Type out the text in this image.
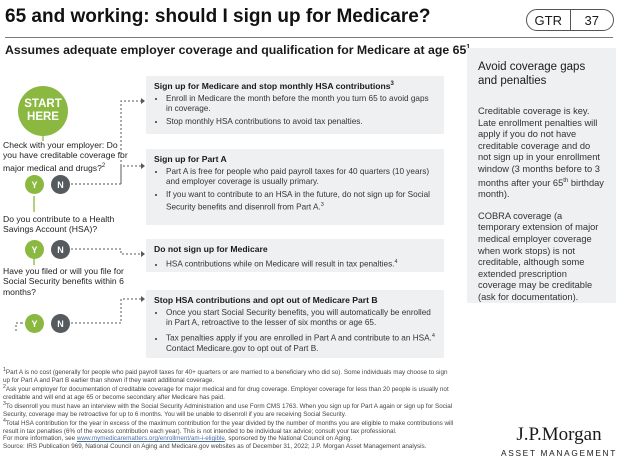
65 and working: should I sign up for Medicare?	GTR	37
Assumes adequate employer coverage and qualification for Medicare at age 65
START HERE
Check with your employer: Do you have creditable coverage for major medical and drugs?$^2$
Y	N
Do you contribute to a Health Savings Account (HSA)?
Y	N
Have you filed or will you file for Social Security benefits within 6 months?
Y	N
Sign up for Medicare and stop monthly HSA contributions$^3$
• Enroll in Medicare the month before the month you turn 65 to avoid gaps in coverage.
• Stop monthly HSA contributions to avoid tax penalties.
Sign up for Part A
• Part A is free for people who paid payroll taxes for 40 quarters (10 years) and employer coverage is usually primary.
• If you want to contribute to an HSA in the future, do not sign up for Social Security benefits and disenroll from Part A.$^3$
Do not sign up for Medicare
• HSA contributions while on Medicare will result in tax penalties.$^4$
Stop HSA contributions and opt out of Medicare Part B
• Once you start Social Security benefits, you will automatically be enrolled in Part A, retroactive to the lesser of six months or age 65.
• Tax penalties apply if you are enrolled in Part A and contribute to an HSA.$^4$ Contact Medicare.gov to opt out of Part B.
Avoid coverage gaps and penalties

Creditable coverage is key. Late enrollment penalties will apply if you do not have creditable coverage and do not sign up in your enrollment window (3 months before to 3 months after your 65th birthday month).

COBRA coverage (a temporary extension of major medical employer coverage when work stops) is not creditable, although some extended prescription coverage may be creditable (ask for documentation).

$^1$Part A is no cost (generally for people who paid payroll taxes for 40+ quarters or are married to a beneficiary who did so). Some individuals may choose to sign up for Part A and Part B earlier than shown if they want additional coverage.

$^2$Ask your employer for documentation of creditable coverage for major medical and for drug coverage. Employer coverage for less than 20 people is usually not creditable and will end at age 65 or become secondary after Medicare has paid.

$^3$To disenroll you must have an interview with the Social Security Administration and use Form CMS 1763. When you sign up for Part A again or sign up for Social Security, coverage may be retroactive for up to 6 months. You will be unable to disenroll if you are receiving Social Security.

$^4$Total HSA contribution for the year in excess of the maximum contribution for the year divided by the number of months you are eligible to make contributions will result in tax penalties (6% of the excess contribution each year). This is not intended to be individual tax advice; consult your tax professional.

For more information, see www.mymedicarematters.org/enrollment/am-i-eligible, sponsored by the National Council on Aging.

Source: IRS Publication 969, National Council on Aging and Medicare.gov websites as of December 31, 2022; J.P. Morgan Asset Management analysis.

J.P.Morgan
ASSET MANAGEMENT
